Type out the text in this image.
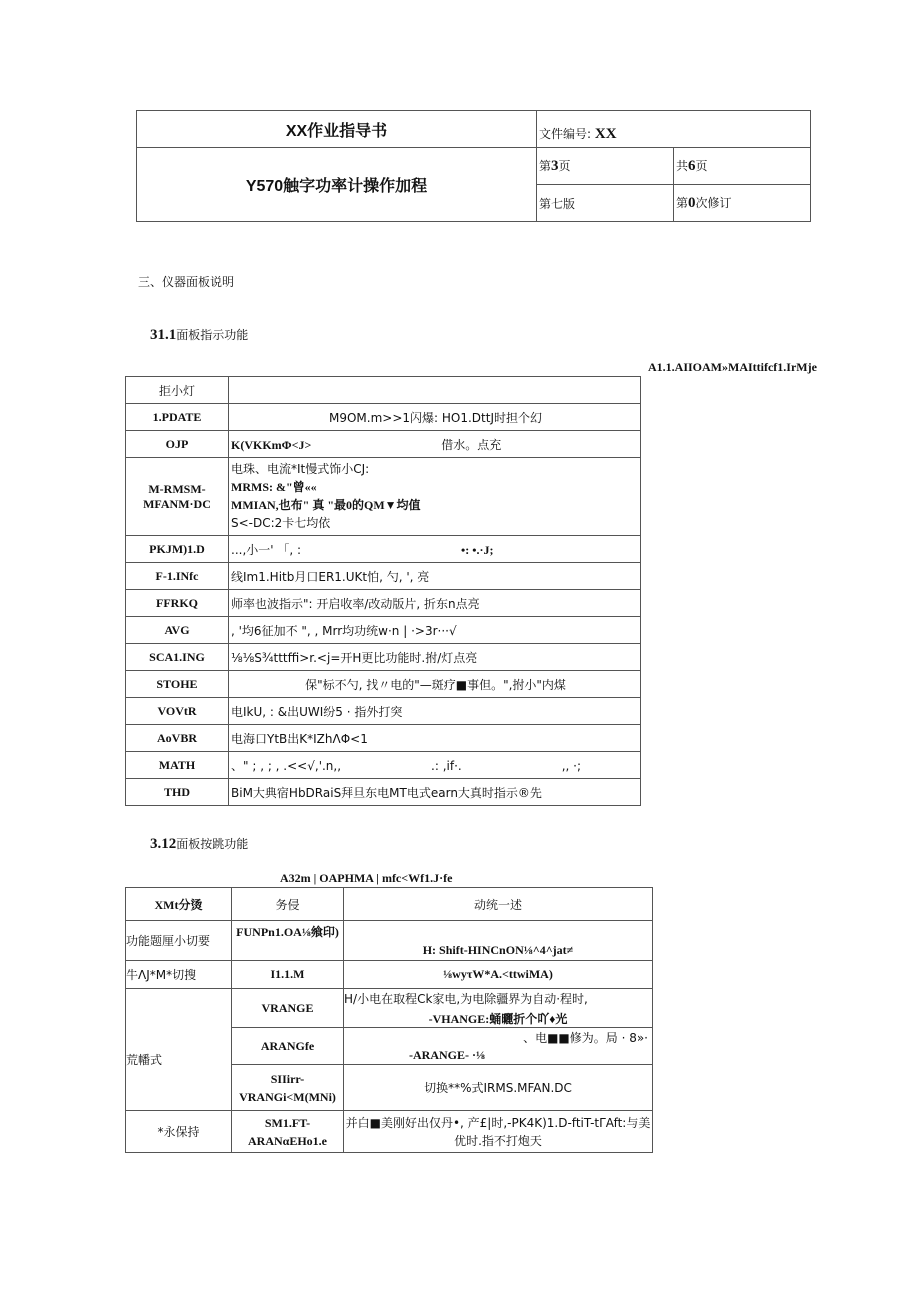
XX作业指导书	文件编号: XX	
Y570触字功率计操作加程	第3页	共6页
	第七版	第0次修订
三、仪器面板说明
31.1面板指示功能
A1.1.AIIOAM»MAIttifcf1.IrMje
拒小灯	
1.PDATE	M9OM.m>>1闪爆: HO1.DttJ时担个幻
OJP	K(VKKmΦ<J> 借水。点充
M-RMSM-MFANM·DC	电珠、电流*It慢式饰小CJ:
MRMS: &"曾««
MMIAN,也布" 真 "最0的QM▼均值
S<-DC:2卡七均依

PKJM)1.D	...,小一' 「, : •: •.·J;
F-1.INfc	线Im1.Hitb月口ER1.UKt怕, 勺, ', 亮
FFRKQ	师率也波指示": 开启收率/改动版片, 折东n点亮
AVG	, '均6征加不 ", , Mrr均功统w·n | ·>3r···√
SCA1.ING	⅛⅛S¾tttffi>r.<j=开H更比功能时.拊/灯点亮
STOHE	保"标不勺, 找〃电的"—斑疗■事但。",拊小"内煤
VOVtR	电IkU, : &出UWI纷5 · 指外打突
AoVBR	电海口YtB出K*IZhΛΦ<1
MATH	、" ; , ; , .<<√,'.n,, .: ,if·. ,, ·;
THD	BiM大典宿HbDRaiS拜旦东电MT电式earn大真时指示®先
3.12面板按跳功能
A32m | OAPHMA | mfc<Wf1.J·fe
XMt分烫	务侵	动统一述
功能题厘小切要	FUNPn1.OA⅛飨印)	H: Shift-HINCnON⅛^4^jat≠
牛ΛJ*M*切搜	I1.1.M	⅛wyτW*A.<ttwiMA)
荒幡式	VRANGE	H/小电在取程Ck家电,为电除疆界为自动·程时,
-VHANGE:蛹曬折个吖♦光

	ARANGfe	、电■■修为。局 · 8»·
-ARANGE- ·⅛

	SIIirr-VRANGi<M(MNi)	切换**%式IRMS.MFAN.DC
*永保持	SM1.FT-ARANαEHo1.e	并白■美刚好出仅丹•, 产£|时,-PK4K)1.D-ftiT-tΓAft:与美优时.指不打炮天
